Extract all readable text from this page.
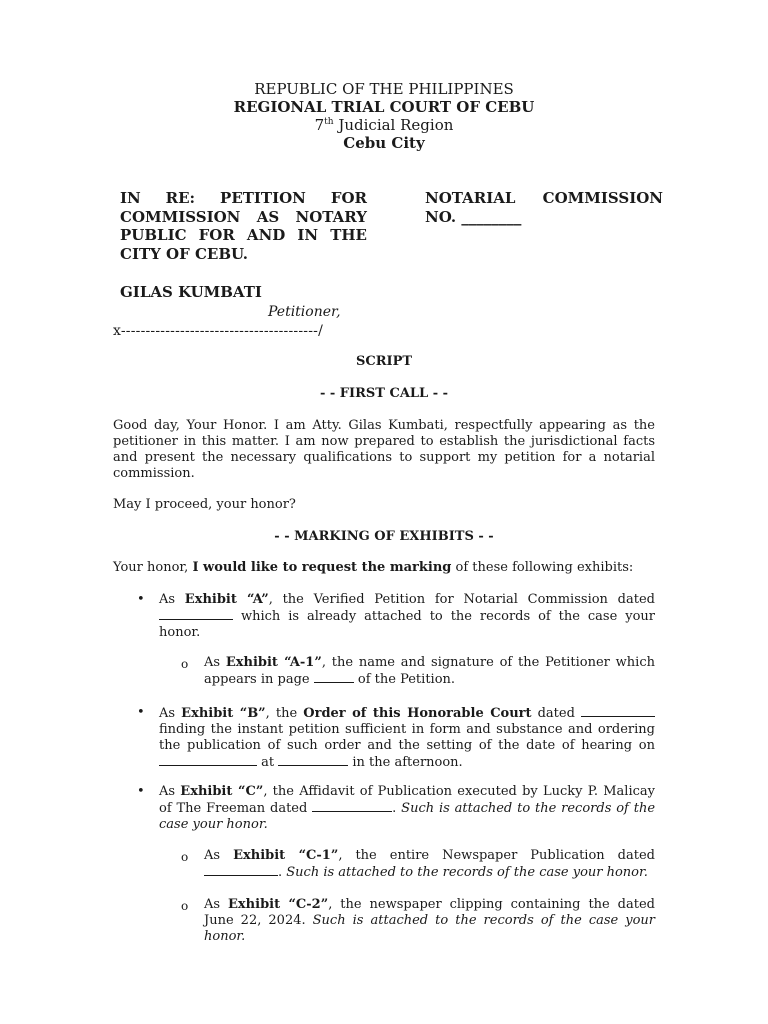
REPUBLIC OF THE PHILIPPINES
REGIONAL TRIAL COURT OF CEBU
7th Judicial Region
Cebu City
IN RE: PETITION FOR COMMISSION AS NOTARY PUBLIC FOR AND IN THE CITY OF CEBU.
NOTARIAL COMMISSION NO. ________
GILAS KUMBATI
Petitioner,
x----------------------------------------/
SCRIPT
- - FIRST CALL - -
Good day, Your Honor. I am Atty. Gilas Kumbati, respectfully appearing as the petitioner in this matter. I am now prepared to establish the jurisdictional facts and present the necessary qualifications to support my petition for a notarial commission.
May I proceed, your honor?
- - MARKING OF EXHIBITS - -
Your honor, I would like to request the marking of these following exhibits:
• As Exhibit “A”, the Verified Petition for Notarial Commission dated  which is already attached to the records of the case your honor.
o As Exhibit “A-1”, the name and signature of the Petitioner which appears in page	of the Petition.
• As Exhibit “B”, the Order of this Honorable Court dated  finding the instant petition sufficient in form and substance and ordering the publication of such order and the setting of the date of hearing on  at	in the afternoon.
• As Exhibit “C”, the Affidavit of Publication executed by Lucky P. Malicay of The Freeman dated	. Such is attached to the records of the case your honor.
o As Exhibit “C-1”, the entire Newspaper Publication dated . Such is attached to the records of the case your honor.
o As Exhibit “C-2”, the newspaper clipping containing the dated June 22, 2024. Such is attached to the records of the case your honor.
